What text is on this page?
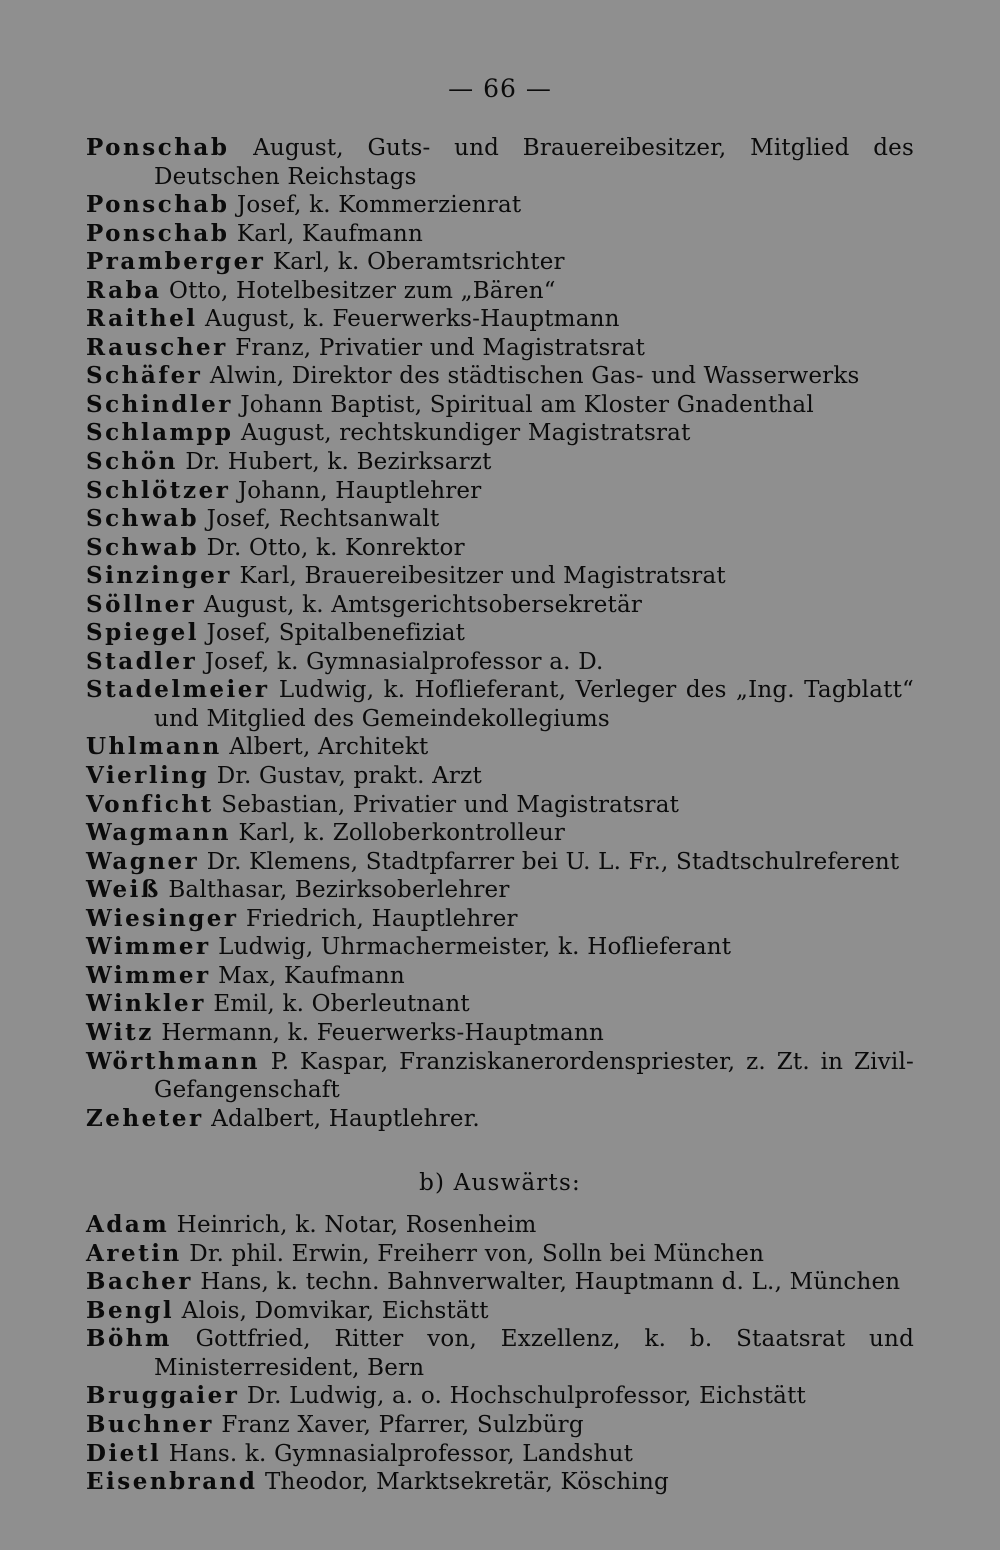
— 66 —

Ponschab August, Guts- und Brauereibesitzer, Mitglied des Deutschen Reichstags

Ponschab Josef, k. Kommerzienrat

Ponschab Karl, Kaufmann

Pramberger Karl, k. Oberamtsrichter

Raba Otto, Hotelbesitzer zum „Bären“

Raithel August, k. Feuerwerks-Hauptmann

Rauscher Franz, Privatier und Magistratsrat

Schäfer Alwin, Direktor des städtischen Gas- und Wasserwerks

Schindler Johann Baptist, Spiritual am Kloster Gnadenthal

Schlampp August, rechtskundiger Magistratsrat

Schön Dr. Hubert, k. Bezirksarzt

Schlötzer Johann, Hauptlehrer

Schwab Josef, Rechtsanwalt

Schwab Dr. Otto, k. Konrektor

Sinzinger Karl, Brauereibesitzer und Magistratsrat

Söllner August, k. Amtsgerichtsobersekretär

Spiegel Josef, Spitalbenefiziat

Stadler Josef, k. Gymnasialprofessor a. D.

Stadelmeier Ludwig, k. Hoflieferant, Verleger des „Ing. Tagblatt“ und Mitglied des Gemeindekollegiums

Uhlmann Albert, Architekt

Vierling Dr. Gustav, prakt. Arzt

Vonficht Sebastian, Privatier und Magistratsrat

Wagmann Karl, k. Zolloberkontrolleur

Wagner Dr. Klemens, Stadtpfarrer bei U. L. Fr., Stadtschulreferent

Weiß Balthasar, Bezirksoberlehrer

Wiesinger Friedrich, Hauptlehrer

Wimmer Ludwig, Uhrmachermeister, k. Hoflieferant

Wimmer Max, Kaufmann

Winkler Emil, k. Oberleutnant

Witz Hermann, k. Feuerwerks-Hauptmann

Wörthmann P. Kaspar, Franziskanerordenspriester, z. Zt. in Zivil-Gefangenschaft

Zeheter Adalbert, Hauptlehrer.

b) Auswärts:

Adam Heinrich, k. Notar, Rosenheim

Aretin Dr. phil. Erwin, Freiherr von, Solln bei München

Bacher Hans, k. techn. Bahnverwalter, Hauptmann d. L., München

Bengl Alois, Domvikar, Eichstätt

Böhm Gottfried, Ritter von, Exzellenz, k. b. Staatsrat und Ministerresident, Bern

Bruggaier Dr. Ludwig, a. o. Hochschulprofessor, Eichstätt

Buchner Franz Xaver, Pfarrer, Sulzbürg

Dietl Hans. k. Gymnasialprofessor, Landshut

Eisenbrand Theodor, Marktsekretär, Kösching
